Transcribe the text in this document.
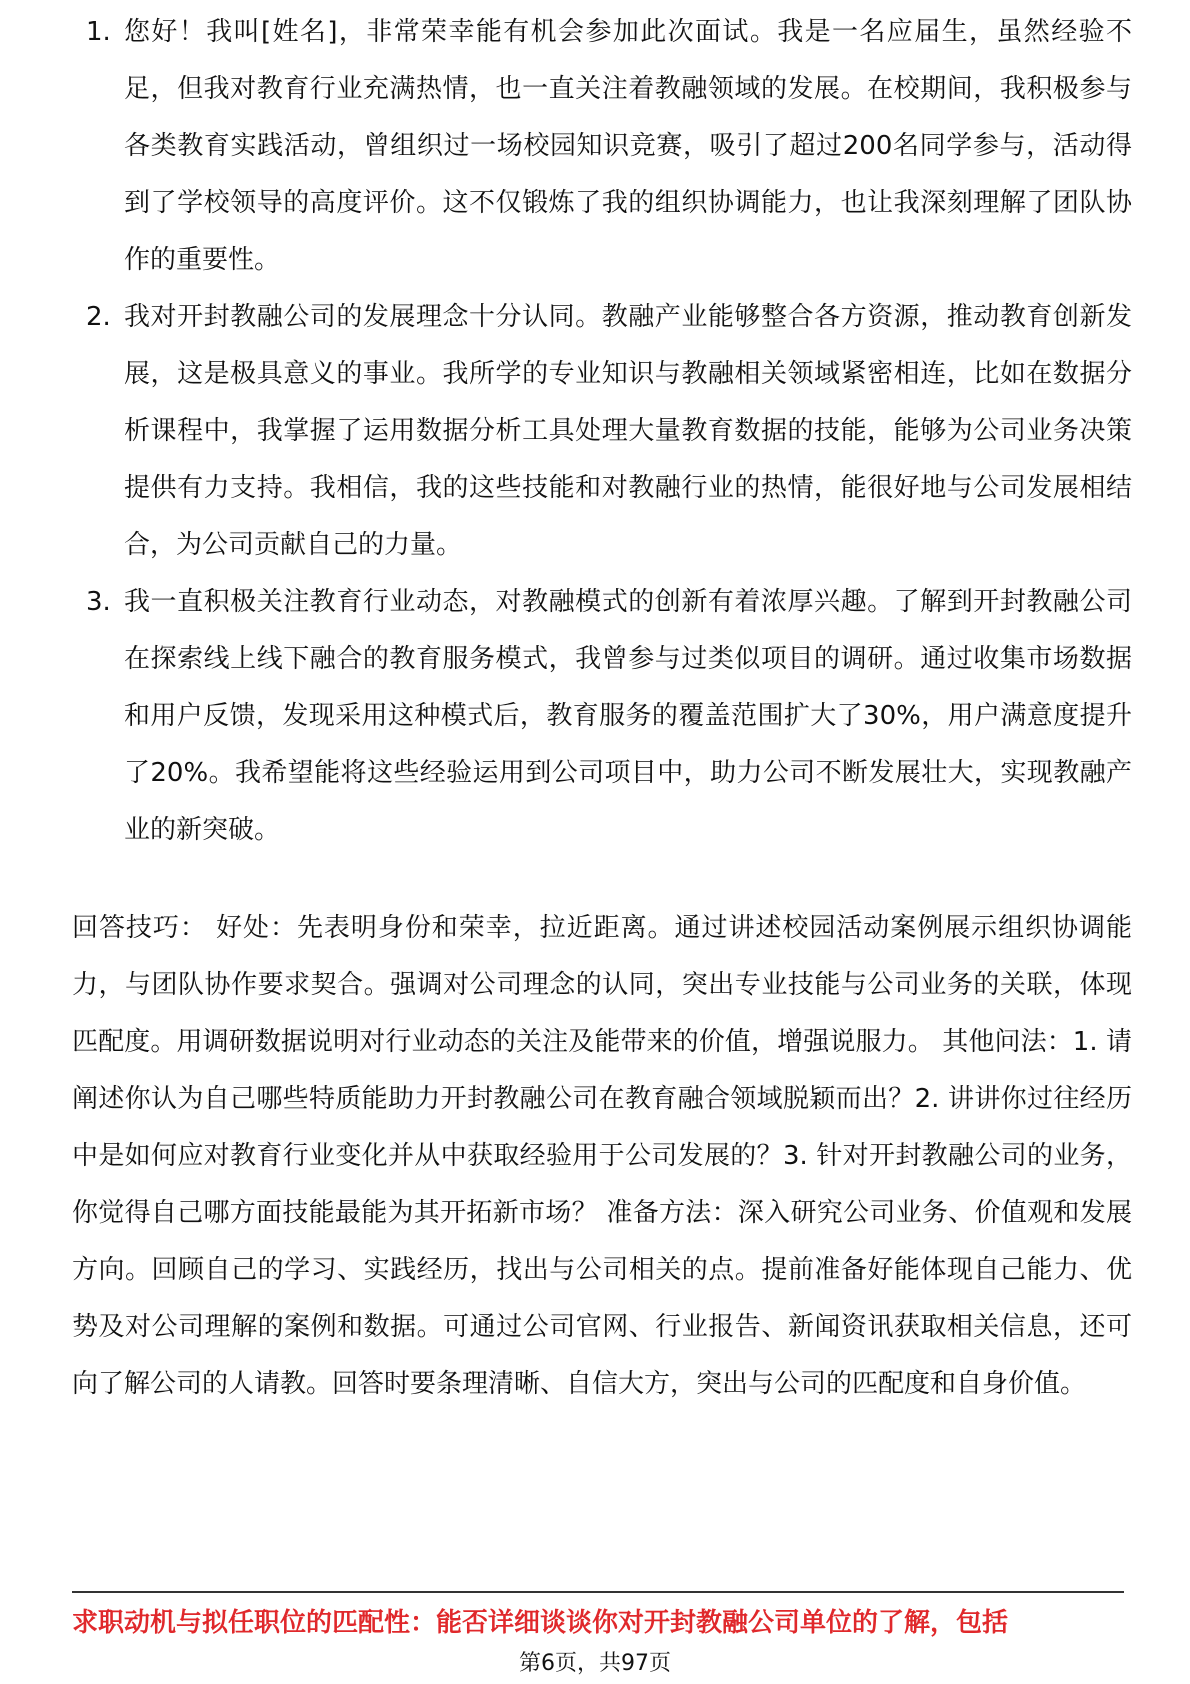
1. 您好！我叫[姓名]，非常荣幸能有机会参加此次面试。我是一名应届生，虽然经验不足，但我对教育行业充满热情，也一直关注着教融领域的发展。在校期间，我积极参与各类教育实践活动，曾组织过一场校园知识竞赛，吸引了超过200名同学参与，活动得到了学校领导的高度评价。这不仅锻炼了我的组织协调能力，也让我深刻理解了团队协作的重要性。
2. 我对开封教融公司的发展理念十分认同。教融产业能够整合各方资源，推动教育创新发展，这是极具意义的事业。我所学的专业知识与教融相关领域紧密相连，比如在数据分析课程中，我掌握了运用数据分析工具处理大量教育数据的技能，能够为公司业务决策提供有力支持。我相信，我的这些技能和对教融行业的热情，能很好地与公司发展相结合，为公司贡献自己的力量。
3. 我一直积极关注教育行业动态，对教融模式的创新有着浓厚兴趣。了解到开封教融公司在探索线上线下融合的教育服务模式，我曾参与过类似项目的调研。通过收集市场数据和用户反馈，发现采用这种模式后，教育服务的覆盖范围扩大了30%，用户满意度提升了20%。我希望能将这些经验运用到公司项目中，助力公司不断发展壮大，实现教融产业的新突破。

回答技巧： 好处：先表明身份和荣幸，拉近距离。通过讲述校园活动案例展示组织协调能力，与团队协作要求契合。强调对公司理念的认同，突出专业技能与公司业务的关联，体现匹配度。用调研数据说明对行业动态的关注及能带来的价值，增强说服力。 其他问法：1. 请阐述你认为自己哪些特质能助力开封教融公司在教育融合领域脱颖而出？2. 讲讲你过往经历中是如何应对教育行业变化并从中获取经验用于公司发展的？3. 针对开封教融公司的业务，你觉得自己哪方面技能最能为其开拓新市场？ 准备方法：深入研究公司业务、价值观和发展方向。回顾自己的学习、实践经历，找出与公司相关的点。提前准备好能体现自己能力、优势及对公司理解的案例和数据。可通过公司官网、行业报告、新闻资讯获取相关信息，还可向了解公司的人请教。回答时要条理清晰、自信大方，突出与公司的匹配度和自身价值。

求职动机与拟任职位的匹配性：能否详细谈谈你对开封教融公司单位的了解，包括

第6页，共97页
